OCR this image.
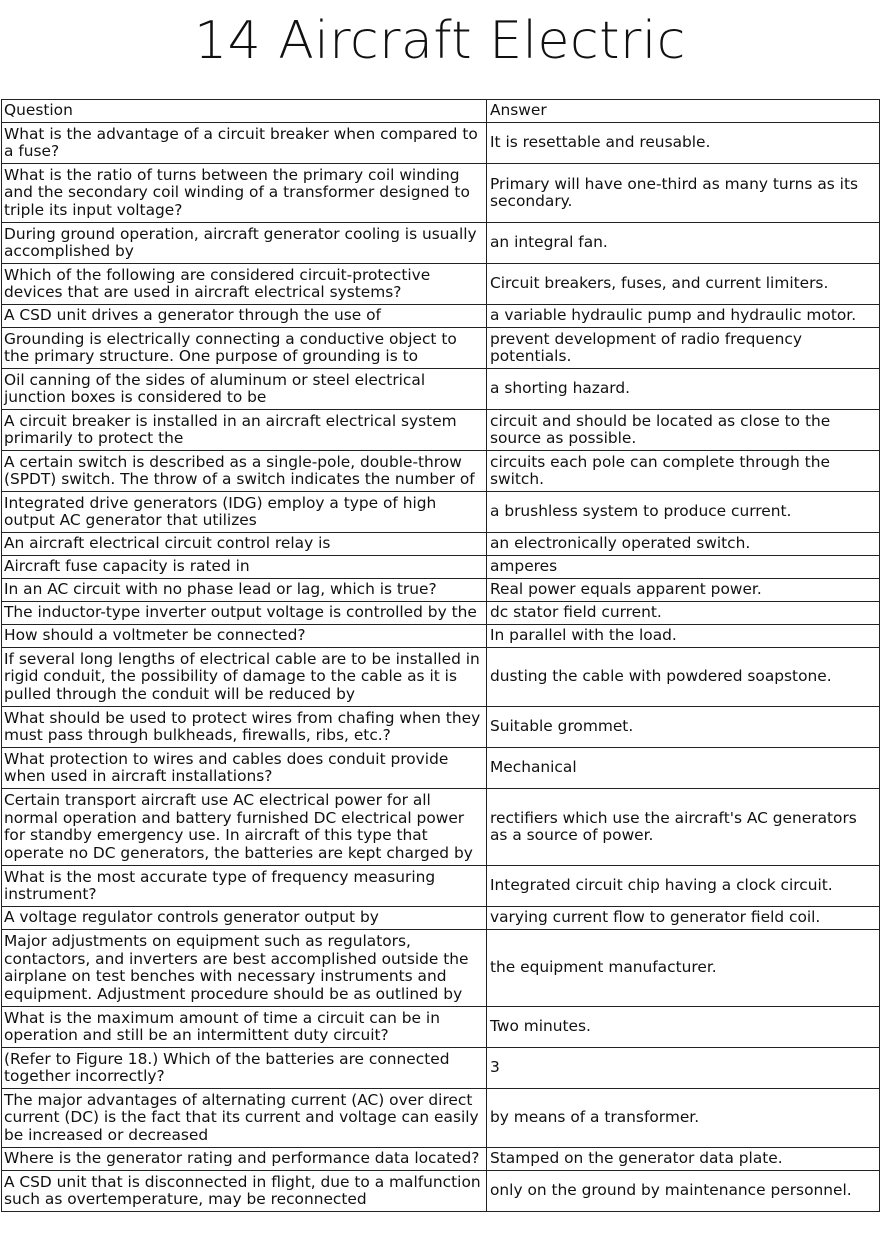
14 Aircraft Electric
Question	Answer
What is the advantage of a circuit breaker when compared to a fuse?	It is resettable and reusable.
What is the ratio of turns between the primary coil winding and the secondary coil winding of a transformer designed to triple its input voltage?	Primary will have one-third as many turns as its secondary.
During ground operation, aircraft generator cooling is usually accomplished by	an integral fan.
Which of the following are considered circuit-protective devices that are used in aircraft electrical systems?	Circuit breakers, fuses, and current limiters.
A CSD unit drives a generator through the use of	a variable hydraulic pump and hydraulic motor.
Grounding is electrically connecting a conductive object to the primary structure. One purpose of grounding is to	prevent development of radio frequency potentials.
Oil canning of the sides of aluminum or steel electrical junction boxes is considered to be	a shorting hazard.
A circuit breaker is installed in an aircraft electrical system primarily to protect the	circuit and should be located as close to the source as possible.
A certain switch is described as a single-pole, double-throw (SPDT) switch. The throw of a switch indicates the number of	circuits each pole can complete through the switch.
Integrated drive generators (IDG) employ a type of high output AC generator that utilizes	a brushless system to produce current.
An aircraft electrical circuit control relay is	an electronically operated switch.
Aircraft fuse capacity is rated in	amperes
In an AC circuit with no phase lead or lag, which is true?	Real power equals apparent power.
The inductor-type inverter output voltage is controlled by the	dc stator field current.
How should a voltmeter be connected?	In parallel with the load.
If several long lengths of electrical cable are to be installed in rigid conduit, the possibility of damage to the cable as it is pulled through the conduit will be reduced by	dusting the cable with powdered soapstone.
What should be used to protect wires from chafing when they must pass through bulkheads, firewalls, ribs, etc.?	Suitable grommet.
What protection to wires and cables does conduit provide when used in aircraft installations?	Mechanical
Certain transport aircraft use AC electrical power for all normal operation and battery furnished DC electrical power for standby emergency use. In aircraft of this type that operate no DC generators, the batteries are kept charged by	rectifiers which use the aircraft's AC generators as a source of power.
What is the most accurate type of frequency measuring instrument?	Integrated circuit chip having a clock circuit.
A voltage regulator controls generator output by	varying current flow to generator field coil.
Major adjustments on equipment such as regulators, contactors, and inverters are best accomplished outside the airplane on test benches with necessary instruments and equipment. Adjustment procedure should be as outlined by	the equipment manufacturer.
What is the maximum amount of time a circuit can be in operation and still be an intermittent duty circuit?	Two minutes.
(Refer to Figure 18.) Which of the batteries are connected together incorrectly?	3
The major advantages of alternating current (AC) over direct current (DC) is the fact that its current and voltage can easily be increased or decreased	by means of a transformer.
Where is the generator rating and performance data located?	Stamped on the generator data plate.
A CSD unit that is disconnected in flight, due to a malfunction such as overtemperature, may be reconnected	only on the ground by maintenance personnel.
